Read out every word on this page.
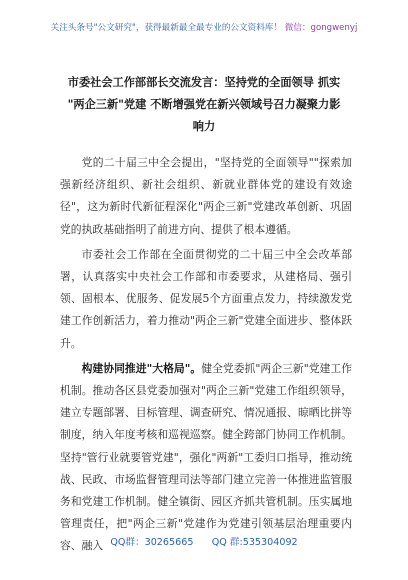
关注头条号"公文研究"，获得最新最全最专业的公文资料库！ 微信：gongwenyj
市委社会工作部部长交流发言：坚持党的全面领导 抓实
"两企三新"党建 不断增强党在新兴领域号召力凝聚力影
响力

党的二十届三中全会提出，"坚持党的全面领导""探索加强新经济组织、新社会组织、新就业群体党的建设有效途径"，这为新时代新征程深化"两企三新"党建改革创新、巩固党的执政基础指明了前进方向、提供了根本遵循。

市委社会工作部在全面贯彻党的二十届三中全会改革部署，认真落实中央社会工作部和市委要求，从建格局、强引领、固根本、优服务、促发展5个方面重点发力，持续激发党建工作创新活力，着力推动"两企三新"党建全面进步、整体跃升。

构建协同推进"大格局"。健全党委抓"两企三新"党建工作机制。推动各区县党委加强对"两企三新"党建工作组织领导，建立专题部署、目标管理、调查研究、情况通报、晾晒比拼等制度，纳入年度考核和巡视巡察。健全跨部门协同工作机制。坚持"管行业就要管党建"，强化"两新"工委归口指导，推动统战、民政、市场监督管理司法等部门建立完善一体推进监管服务和党建工作机制。健全镇街、园区齐抓共管机制。压实属地管理责任，把"两企三新"党建作为党建引领基层治理重要内容、融入 QQ群：30265665 QQ 群:535304092
